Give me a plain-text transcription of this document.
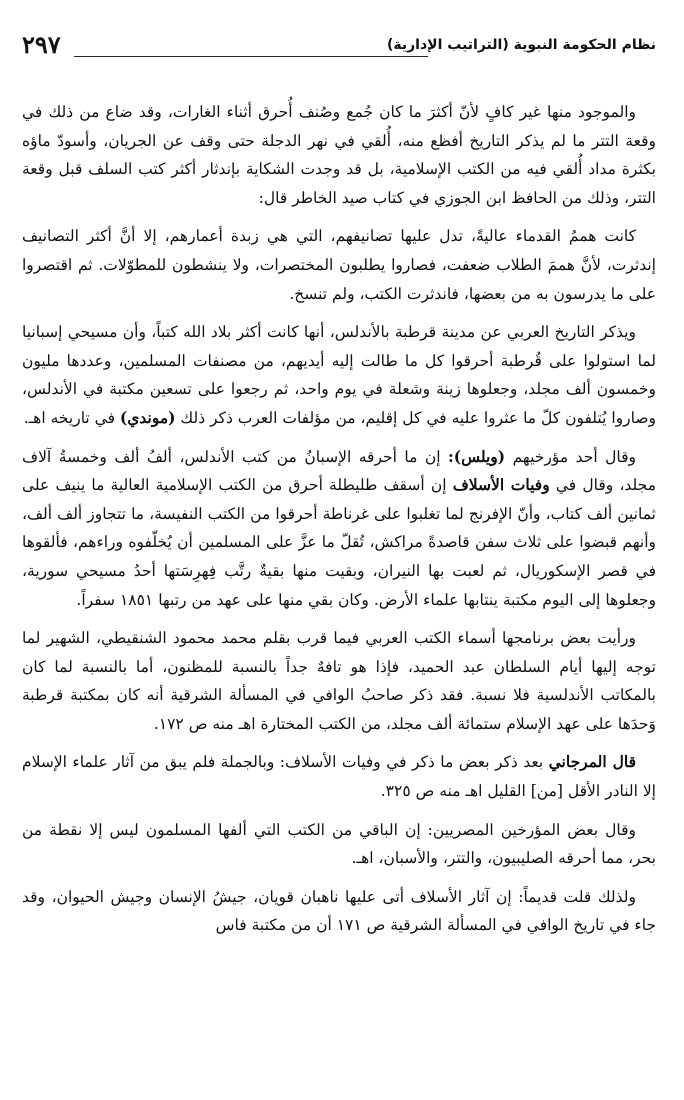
٢٩٧	نظام الحكومة النبوية (التراتيب الإدارية)

والموجود منها غير كافٍ لأنّ أكثرَ ما كان جُمع وصُنف أُحرق أثناء الغارات، وقد ضاع من ذلك في وقعة التتر ما لم يذكر التاريخ أفظع منه، أُلقي في نهر الدجلة حتى وقف عن الجريان، وأسودّ ماؤه بكثرة مداد أُلقي فيه من الكتب الإسلامية، بل قد وجدت الشكاية بإندثار أكثر كتب السلف قبل وقعة التتر، وذلك من الحافظ ابن الجوزي في كتاب صيد الخاطر قال:

كانت هممُ القدماء عاليةً، تدل عليها تصانيفهم، التي هي زبدة أعمارهم، إلا أنَّ أكثر التصانيف إندثرت، لأنَّ هممَ الطلاب ضعفت، فصاروا يطلبون المختصرات، ولا ينشطون للمطوّلات. ثم اقتصروا على ما يدرسون به من بعضها، فاندثرت الكتب، ولم تنسخ.

ويذكر التاريخ العربي عن مدينة قرطبة بالأندلس، أنها كانت أكثر بلاد الله كتباً، وأن مسيحي إسبانيا لما استولوا على قُرطبة أحرقوا كل ما طالت إليه أيديهم، من مصنفات المسلمين، وعددها مليون وخمسون ألف مجلد، وجعلوها زينة وشعلة في يوم واحد، ثم رجعوا على تسعين مكتبة في الأندلس، وصاروا يُتلفون كلّ ما عثروا عليه في كل إقليم، من مؤلفات العرب ذكر ذلك (موندي) في تاريخه اهـ.

وقال أحد مؤرخيهم (ويلس): إن ما أحرقه الإسبانُ من كتب الأندلس، ألفُ ألف وخمسةُ آلاف مجلد، وقال في وفيات الأسلاف إن أسقف طليطلة أحرق من الكتب الإسلامية العالية ما ينيف على ثمانين ألف كتاب، وأنّ الإفرنج لما تغلبوا على غرناطة أحرقوا من الكتب النفيسة، ما تتجاوز ألف ألف، وأنهم قبضوا على ثلاث سفن قاصدةً مراكش، تُقلّ ما عزَّ على المسلمين أن يُخلّفوه وراءهم، فألقوها في قصر الإسكوريال، ثم لعبت بها النيران، وبقيت منها بقيةٌ رتَّب فِهرِسَتها أحدُ مسيحي سورية، وجعلوها إلى اليوم مكتبة ينتابها علماء الأرض. وكان بقي منها على عهد من رتبها ١٨٥١ سفراً.

ورأيت بعض برنامجها أسماء الكتب العربي فيما قرب بقلم محمد محمود الشنقيطي، الشهير لما توجه إليها أيام السلطان عبد الحميد، فإذا هو تافهٌ جداً بالنسبة للمظنون، أما بالنسبة لما كان بالمكاتب الأندلسية فلا نسبة. فقد ذكر صاحبُ الوافي في المسألة الشرقية أنه كان بمكتبة قرطبة وَحدَها على عهد الإسلام ستمائة ألف مجلد، من الكتب المختارة اهـ منه ص ١٧٢.

قال المرجاني بعد ذكر بعض ما ذكر في وفيات الأسلاف: وبالجملة فلم يبق من آثار علماء الإسلام إلا النادر الأقل [من] القليل اهـ منه ص ٣٢٥.

وقال بعض المؤرخين المصريين: إن الباقي من الكتب التي ألفها المسلمون ليس إلا نقطة من بحر، مما أحرقه الصليبيون، والتتر، والأسبان، اهـ.

ولذلك قلت قديماً: إن آثار الأسلاف أتى عليها ناهبان قويان، جيشُ الإنسان وجيش الحيوان، وقد جاء في تاريخ الوافي في المسألة الشرقية ص ١٧١ أن من مكتبة فاس
